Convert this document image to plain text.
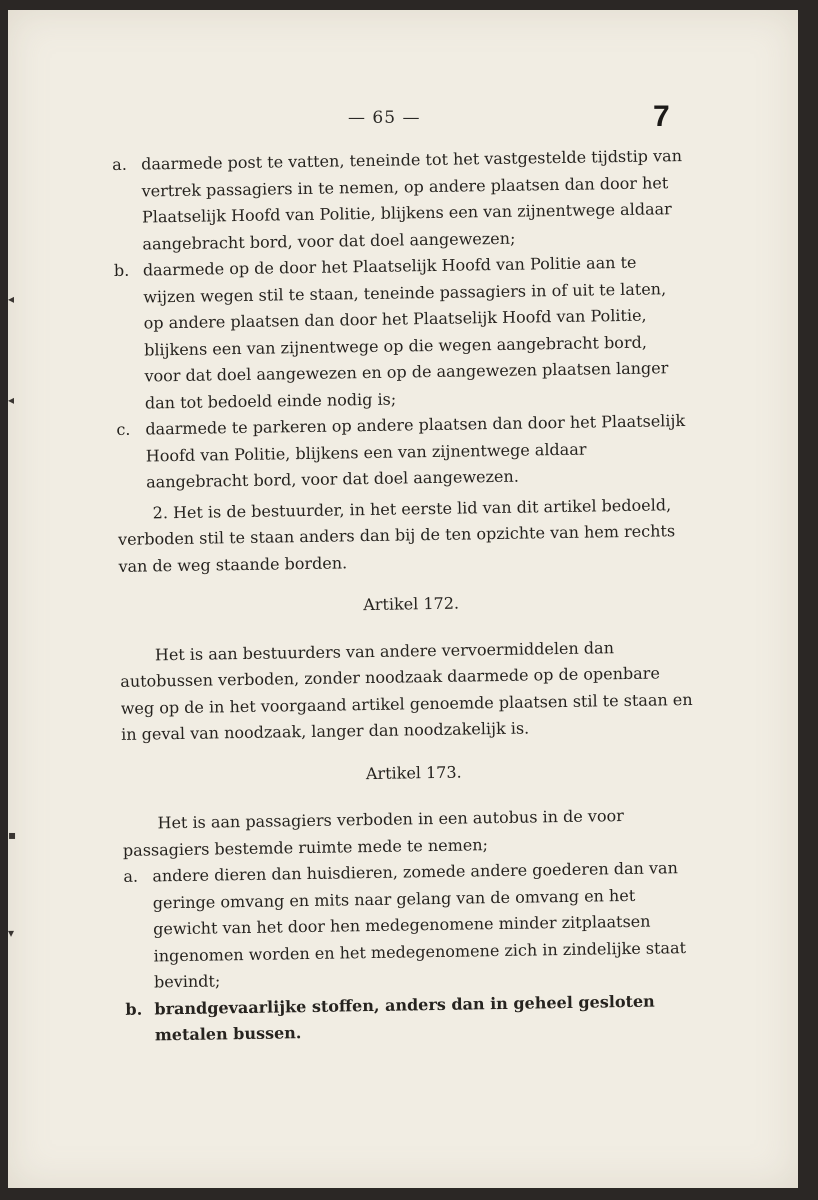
◂
◂
▪
▾
— 65 —	7
a. daarmede post te vatten, teneinde tot het vastgestelde tijdstip van vertrek passagiers in te nemen, op andere plaatsen dan door het Plaatselijk Hoofd van Politie, blijkens een van zijnentwege aldaar aangebracht bord, voor dat doel aangewezen;
b. daarmede op de door het Plaatselijk Hoofd van Politie aan te wijzen wegen stil te staan, teneinde passagiers in of uit te laten, op andere plaatsen dan door het Plaatselijk Hoofd van Politie, blijkens een van zijnentwege op die wegen aangebracht bord, voor dat doel aangewezen en op de aangewezen plaatsen langer dan tot bedoeld einde nodig is;
c. daarmede te parkeren op andere plaatsen dan door het Plaatselijk Hoofd van Politie, blijkens een van zijnentwege aldaar aangebracht bord, voor dat doel aangewezen.

2. Het is de bestuurder, in het eerste lid van dit artikel bedoeld, verboden stil te staan anders dan bij de ten opzichte van hem rechts van de weg staande borden.

Artikel 172.

Het is aan bestuurders van andere vervoermiddelen dan autobussen verboden, zonder noodzaak daarmede op de openbare weg op de in het voorgaand artikel genoemde plaatsen stil te staan en in geval van noodzaak, langer dan noodzakelijk is.

Artikel 173.

Het is aan passagiers verboden in een autobus in de voor passagiers bestemde ruimte mede te nemen;

a. andere dieren dan huisdieren, zomede andere goederen dan van geringe omvang en mits naar gelang van de omvang en het gewicht van het door hen medegenomene minder zitplaatsen ingenomen worden en het medegenomene zich in zindelijke staat bevindt;
b. brandgevaarlijke stoffen, anders dan in geheel gesloten metalen bussen.
